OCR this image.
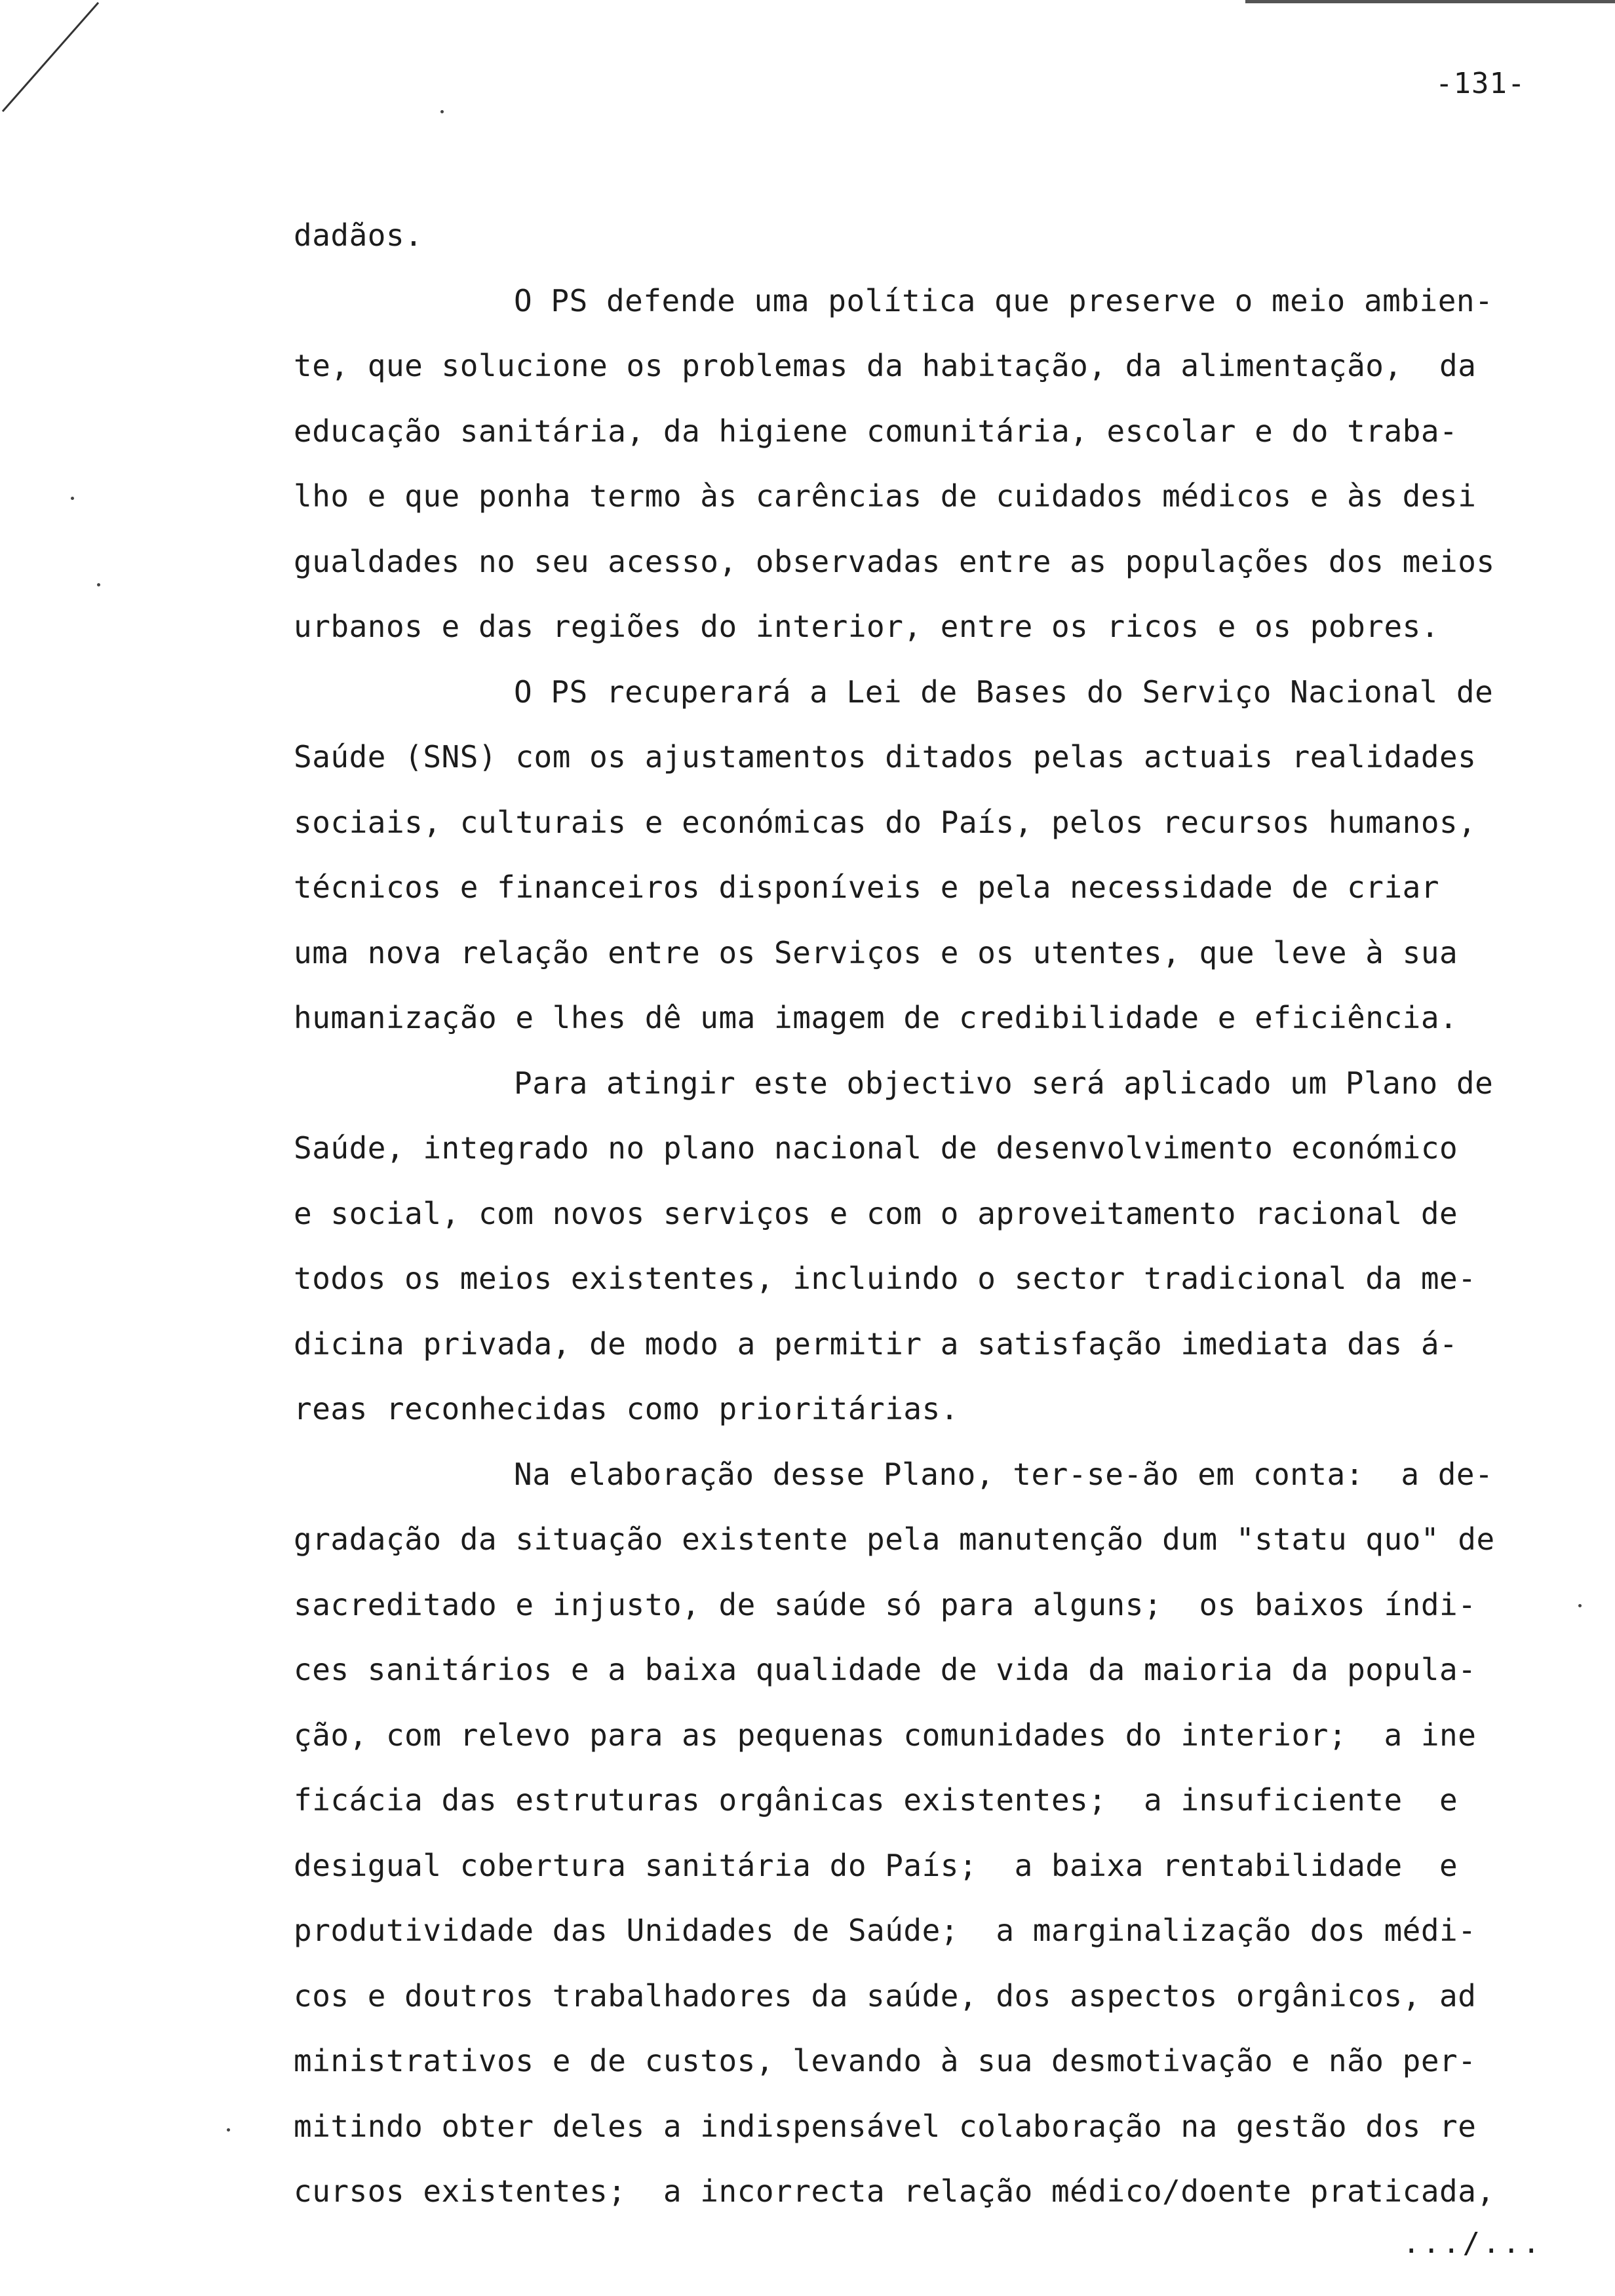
-131-
dadãos.
O PS defende uma política que preserve o meio ambien-
te, que solucione os problemas da habitação, da alimentação,  da
educação sanitária, da higiene comunitária, escolar e do traba-
lho e que ponha termo às carências de cuidados médicos e às desi
gualdades no seu acesso, observadas entre as populações dos meios
urbanos e das regiões do interior, entre os ricos e os pobres.
O PS recuperará a Lei de Bases do Serviço Nacional de
Saúde (SNS) com os ajustamentos ditados pelas actuais realidades
sociais, culturais e económicas do País, pelos recursos humanos,
técnicos e financeiros disponíveis e pela necessidade de criar
uma nova relação entre os Serviços e os utentes, que leve à sua
humanização e lhes dê uma imagem de credibilidade e eficiência.
Para atingir este objectivo será aplicado um Plano de
Saúde, integrado no plano nacional de desenvolvimento económico
e social, com novos serviços e com o aproveitamento racional de
todos os meios existentes, incluindo o sector tradicional da me-
dicina privada, de modo a permitir a satisfação imediata das á-
reas reconhecidas como prioritárias.
Na elaboração desse Plano, ter-se-ão em conta:  a de-
gradação da situação existente pela manutenção dum "statu quo" de
sacreditado e injusto, de saúde só para alguns;  os baixos índi-
ces sanitários e a baixa qualidade de vida da maioria da popula-
ção, com relevo para as pequenas comunidades do interior;  a ine
ficácia das estruturas orgânicas existentes;  a insuficiente  e
desigual cobertura sanitária do País;  a baixa rentabilidade  e
produtividade das Unidades de Saúde;  a marginalização dos médi-
cos e doutros trabalhadores da saúde, dos aspectos orgânicos, ad
ministrativos e de custos, levando à sua desmotivação e não per-
mitindo obter deles a indispensável colaboração na gestão dos re
cursos existentes;  a incorrecta relação médico/doente praticada,
.../...
